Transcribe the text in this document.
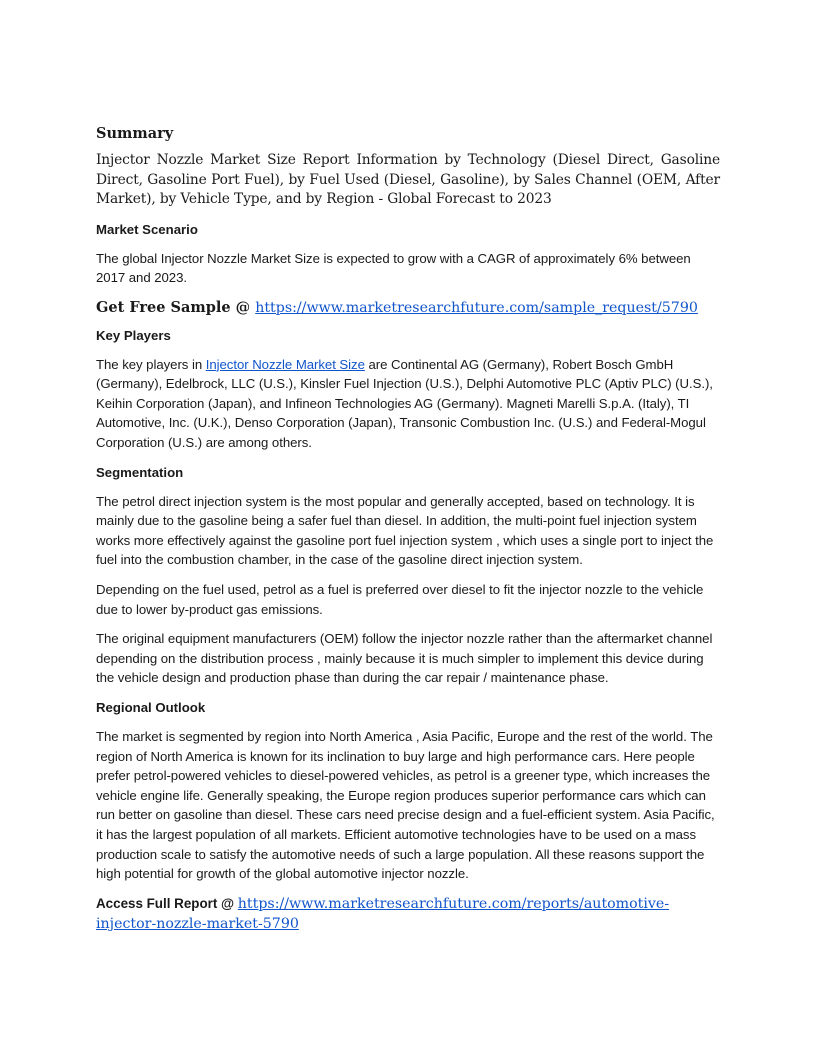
Summary

Injector Nozzle Market Size Report Information by Technology (Diesel Direct, Gasoline Direct, Gasoline Port Fuel), by Fuel Used (Diesel, Gasoline), by Sales Channel (OEM, After Market), by Vehicle Type, and by Region - Global Forecast to 2023

Market Scenario

The global Injector Nozzle Market Size is expected to grow with a CAGR of approximately 6% between 2017 and 2023.

Get Free Sample @ https://www.marketresearchfuture.com/sample_request/5790
Key Players

The key players in Injector Nozzle Market Size are Continental AG (Germany), Robert Bosch GmbH (Germany), Edelbrock, LLC (U.S.), Kinsler Fuel Injection (U.S.), Delphi Automotive PLC (Aptiv PLC) (U.S.), Keihin Corporation (Japan), and Infineon Technologies AG (Germany). Magneti Marelli S.p.A. (Italy), TI Automotive, Inc. (U.K.), Denso Corporation (Japan), Transonic Combustion Inc. (U.S.) and Federal-Mogul Corporation (U.S.) are among others.

Segmentation

The petrol direct injection system is the most popular and generally accepted, based on technology. It is mainly due to the gasoline being a safer fuel than diesel. In addition, the multi-point fuel injection system works more effectively against the gasoline port fuel injection system , which uses a single port to inject the fuel into the combustion chamber, in the case of the gasoline direct injection system.

Depending on the fuel used, petrol as a fuel is preferred over diesel to fit the injector nozzle to the vehicle due to lower by-product gas emissions.

The original equipment manufacturers (OEM) follow the injector nozzle rather than the aftermarket channel depending on the distribution process , mainly because it is much simpler to implement this device during the vehicle design and production phase than during the car repair / maintenance phase.

Regional Outlook

The market is segmented by region into North America , Asia Pacific, Europe and the rest of the world. The region of North America is known for its inclination to buy large and high performance cars. Here people prefer petrol-powered vehicles to diesel-powered vehicles, as petrol is a greener type, which increases the vehicle engine life. Generally speaking, the Europe region produces superior performance cars which can run better on gasoline than diesel. These cars need precise design and a fuel-efficient system. Asia Pacific, it has the largest population of all markets. Efficient automotive technologies have to be used on a mass production scale to satisfy the automotive needs of such a large population. All these reasons support the high potential for growth of the global automotive injector nozzle.

Access Full Report @ https://www.marketresearchfuture.com/reports/automotive-injector-nozzle-market-5790
